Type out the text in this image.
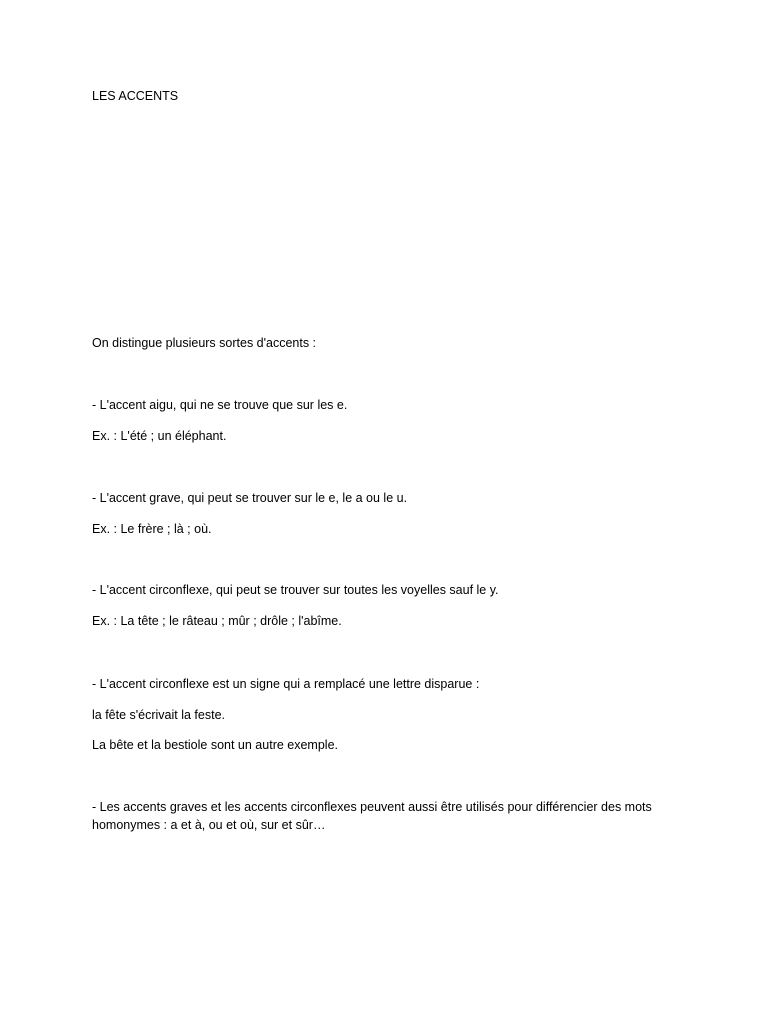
LES ACCENTS

On distingue plusieurs sortes d'accents :

- L'accent aigu, qui ne se trouve que sur les e.

Ex. : L'été ; un éléphant.

- L'accent grave, qui peut se trouver sur le e, le a ou le u.

Ex. : Le frère ; là ; où.

- L'accent circonflexe, qui peut se trouver sur toutes les voyelles sauf le y.

Ex. : La tête ; le râteau ; mûr ; drôle ; l'abîme.

- L'accent circonflexe est un signe qui a remplacé une lettre disparue :

la fête s'écrivait la feste.

La bête et la bestiole sont un autre exemple.

- Les accents graves et les accents circonflexes peuvent aussi être utilisés pour différencier des mots homonymes : a et à, ou et où, sur et sûr…
